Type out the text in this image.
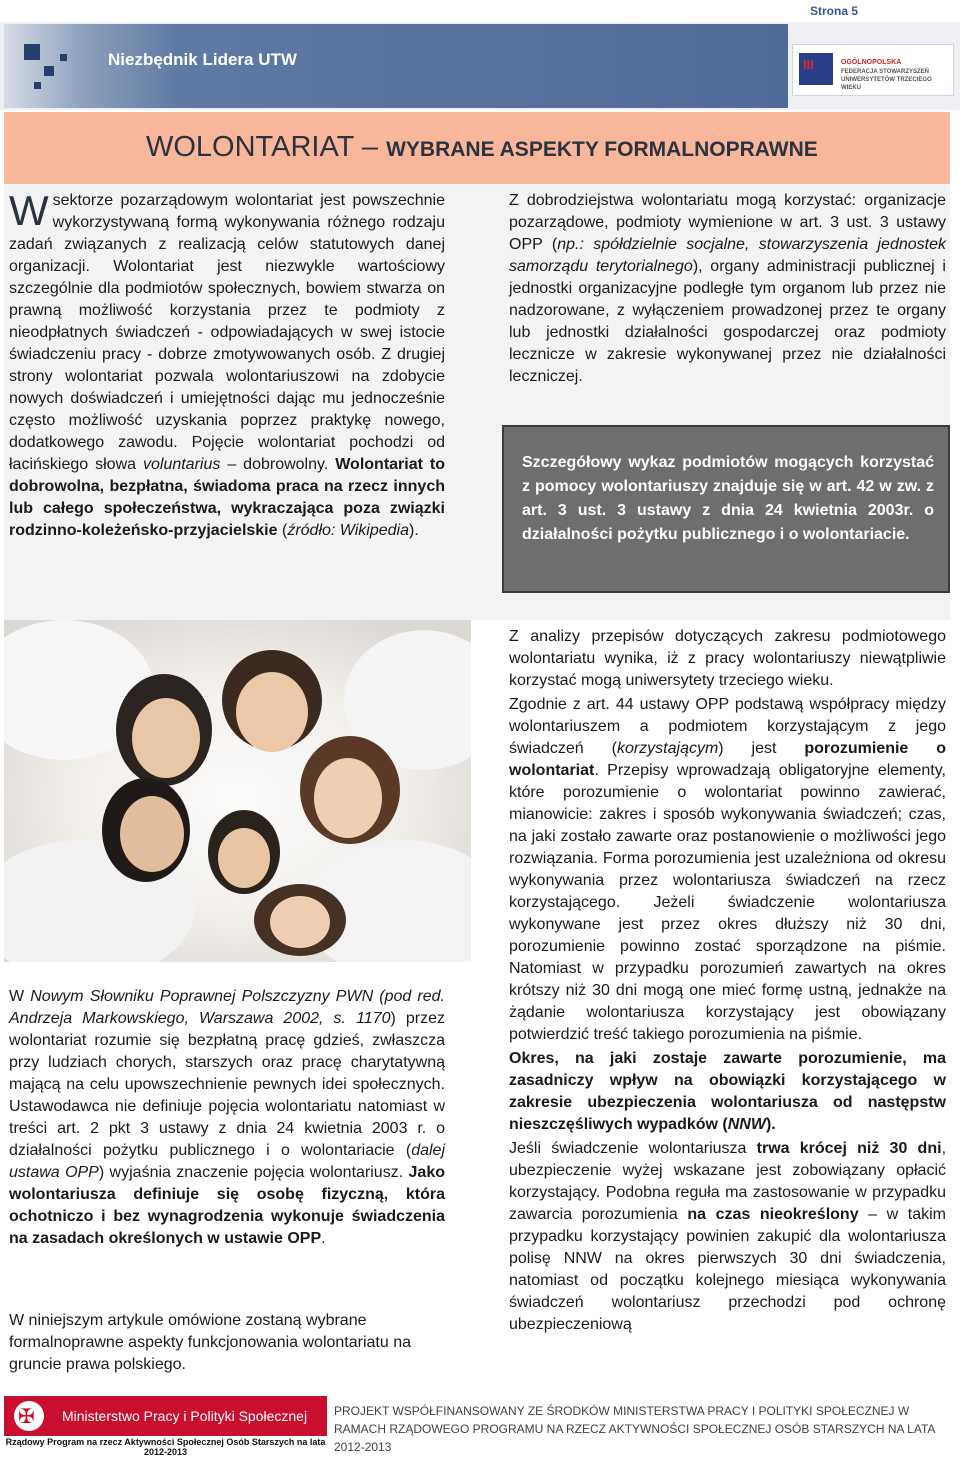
Strona 5
Niezbędnik Lidera UTW	III	OGÓLNOPOLSKA
FEDERACJA STOWARZYSZEŃ UNIWERSYTETÓW TRZECIEGO WIEKU
WOLONTARIAT – WYBRANE ASPEKTY FORMALNOPRAWNE
W sektorze pozarządowym wolontariat jest powszechnie wykorzystywaną formą wykonywania różnego rodzaju zadań związanych z realizacją celów statutowych danej organizacji. Wolontariat jest niezwykle wartościowy szczególnie dla podmiotów społecznych, bowiem stwarza on prawną możliwość korzystania przez te podmioty z nieodpłatnych świadczeń - odpowiadających w swej istocie świadczeniu pracy - dobrze zmotywowanych osób. Z drugiej strony wolontariat pozwala wolontariuszowi na zdobycie nowych doświadczeń i umiejętności dając mu jednocześnie często możliwość uzyskania poprzez praktykę nowego, dodatkowego zawodu. Pojęcie wolontariat pochodzi od łacińskiego słowa voluntarius – dobrowolny. Wolontariat to dobrowolna, bezpłatna, świadoma praca na rzecz innych lub całego społeczeństwa, wykraczająca poza związki rodzinno-koleżeńsko-przyjacielskie (źródło: Wikipedia).
Z dobrodziejstwa wolontariatu mogą korzystać: organizacje pozarządowe, podmioty wymienione w art. 3 ust. 3 ustawy OPP (np.: spółdzielnie socjalne, stowarzyszenia jednostek samorządu terytorialnego), organy administracji publicznej i jednostki organizacyjne podległe tym organom lub przez nie nadzorowane, z wyłączeniem prowadzonej przez te organy lub jednostki działalności gospodarczej oraz podmioty lecznicze w zakresie wykonywanej przez nie działalności leczniczej.
Szczegółowy wykaz podmiotów mogących korzystać z pomocy wolontariuszy znajduje się w art. 42 w zw. z art. 3 ust. 3 ustawy z dnia 24 kwietnia 2003r. o działalności pożytku publicznego i o wolontariacie.
W Nowym Słowniku Poprawnej Polszczyzny PWN (pod red. Andrzeja Markowskiego, Warszawa 2002, s. 1170) przez wolontariat rozumie się bezpłatną pracę gdzieś, zwłaszcza przy ludziach chorych, starszych oraz pracę charytatywną mającą na celu upowszechnienie pewnych idei społecznych. Ustawodawca nie definiuje pojęcia wolontariatu natomiast w treści art. 2 pkt 3 ustawy z dnia 24 kwietnia 2003 r. o działalności pożytku publicznego i o wolontariacie (dalej ustawa OPP) wyjaśnia znaczenie pojęcia wolontariusz. Jako wolontariusza definiuje się osobę fizyczną, która ochotniczo i bez wynagrodzenia wykonuje świadczenia na zasadach określonych w ustawie OPP.
W niniejszym artykule omówione zostaną wybrane formalnoprawne aspekty funkcjonowania wolontariatu na gruncie prawa polskiego.

Z analizy przepisów dotyczących zakresu podmiotowego wolontariatu wynika, iż z pracy wolontariuszy niewątpliwie korzystać mogą uniwersytety trzeciego wieku.

Zgodnie z art. 44 ustawy OPP podstawą współpracy między wolontariuszem a podmiotem korzystającym z jego świadczeń (korzystającym) jest porozumienie o wolontariat. Przepisy wprowadzają obligatoryjne elementy, które porozumienie o wolontariat powinno zawierać, mianowicie: zakres i sposób wykonywania świadczeń; czas, na jaki zostało zawarte oraz postanowienie o możliwości jego rozwiązania. Forma porozumienia jest uzależniona od okresu wykonywania przez wolontariusza świadczeń na rzecz korzystającego. Jeżeli świadczenie wolontariusza wykonywane jest przez okres dłuższy niż 30 dni, porozumienie powinno zostać sporządzone na piśmie. Natomiast w przypadku porozumień zawartych na okres krótszy niż 30 dni mogą one mieć formę ustną, jednakże na żądanie wolontariusza korzystający jest obowiązany potwierdzić treść takiego porozumienia na piśmie.

Okres, na jaki zostaje zawarte porozumienie, ma zasadniczy wpływ na obowiązki korzystającego w zakresie ubezpieczenia wolontariusza od następstw nieszczęśliwych wypadków (NNW).

Jeśli świadczenie wolontariusza trwa krócej niż 30 dni, ubezpieczenie wyżej wskazane jest zobowiązany opłacić korzystający. Podobna reguła ma zastosowanie w przypadku zawarcia porozumienia na czas nieokreślony – w takim przypadku korzystający powinien zakupić dla wolontariusza polisę NNW na okres pierwszych 30 dni świadczenia, natomiast od początku kolejnego miesiąca wykonywania świadczeń wolontariusz przechodzi pod ochronę ubezpieczeniową

✠ Ministerstwo Pracy i Polityki Społecznej
Rządowy Program na rzecz Aktywności Społecznej Osób Starszych na lata 2012-2013
PROJEKT WSPÓŁFINANSOWANY ZE ŚRODKÓW MINISTERSTWA PRACY I POLITYKI SPOŁECZNEJ W RAMACH RZĄDOWEGO PROGRAMU NA RZECZ AKTYWNOŚCI SPOŁECZNEJ OSÓB STARSZYCH NA LATA 2012-2013
